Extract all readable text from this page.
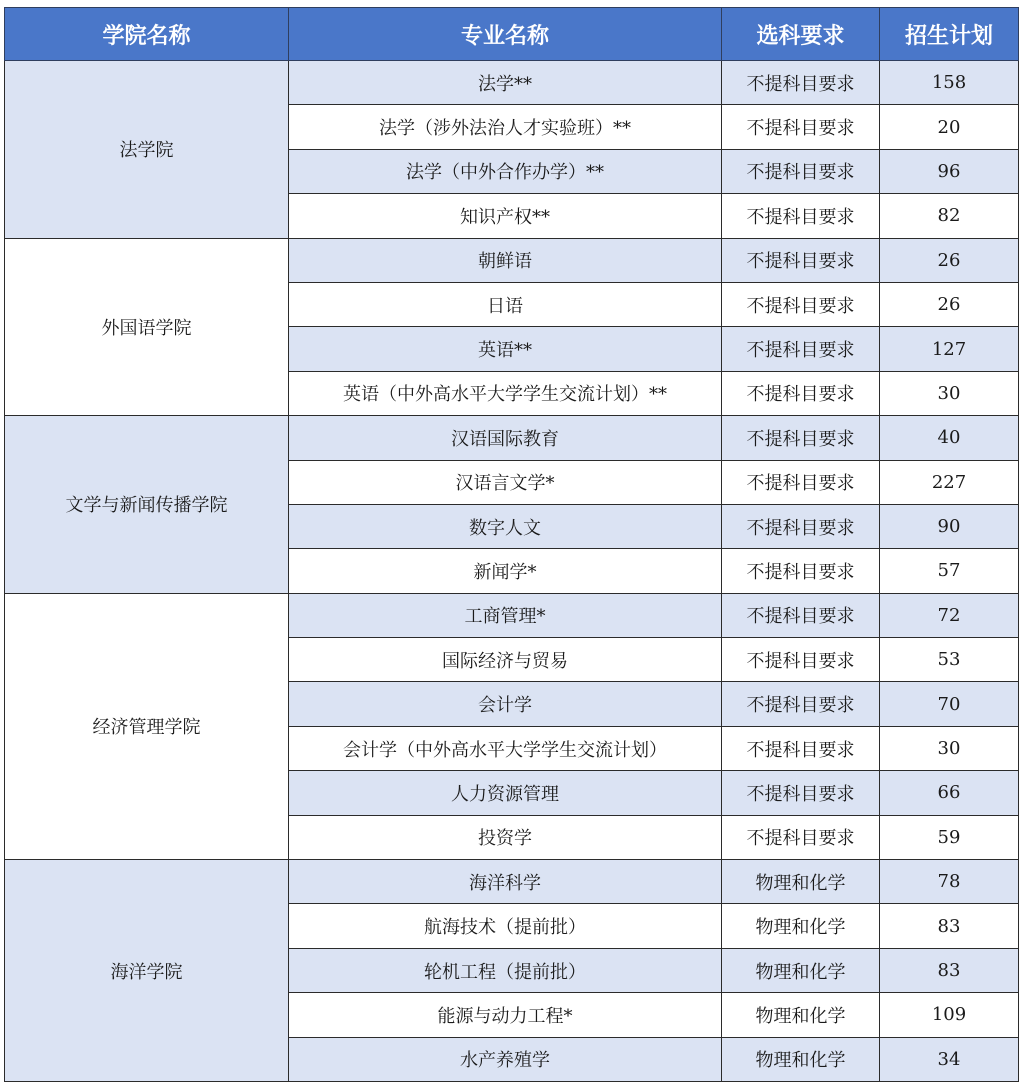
学院名称	专业名称	选科要求	招生计划
法学院	法学**	不提科目要求	158
	法学（涉外法治人才实验班）**	不提科目要求	20
	法学（中外合作办学）**	不提科目要求	96
	知识产权**	不提科目要求	82
外国语学院	朝鲜语	不提科目要求	26
	日语	不提科目要求	26
	英语**	不提科目要求	127
	英语（中外高水平大学学生交流计划）**	不提科目要求	30
文学与新闻传播学院	汉语国际教育	不提科目要求	40
	汉语言文学*	不提科目要求	227
	数字人文	不提科目要求	90
	新闻学*	不提科目要求	57
经济管理学院	工商管理*	不提科目要求	72
	国际经济与贸易	不提科目要求	53
	会计学	不提科目要求	70
	会计学（中外高水平大学学生交流计划）	不提科目要求	30
	人力资源管理	不提科目要求	66
	投资学	不提科目要求	59
海洋学院	海洋科学	物理和化学	78
	航海技术（提前批）	物理和化学	83
	轮机工程（提前批）	物理和化学	83
	能源与动力工程*	物理和化学	109
	水产养殖学	物理和化学	34
